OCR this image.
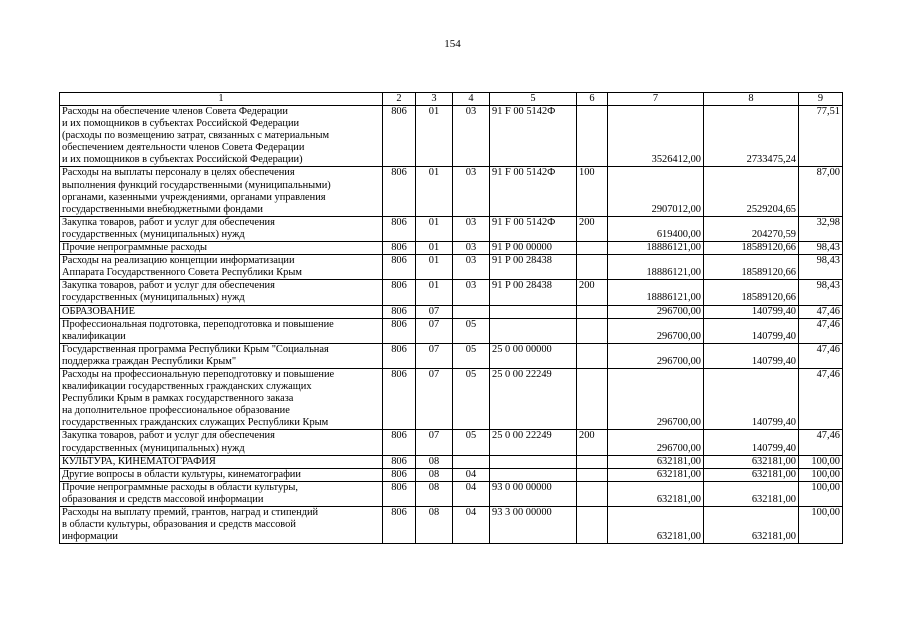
154
1	2	3	4	5	6	7	8	9

Расходы на обеспечение членов Совета Федерации
и их помощников в субъектах Российской Федерации
(расходы по возмещению затрат, связанных с материальным
обеспечением деятельности членов Совета Федерации
и их помощников в субъектах Российской Федерации)	806	01	03	91 F 00 5142Ф		3526412,00	2733475,24	77,51

Расходы на выплаты персоналу в целях обеспечения
выполнения функций государственными (муниципальными)
органами, казенными учреждениями, органами управления
государственными внебюджетными фондами	806	01	03	91 F 00 5142Ф	100	2907012,00	2529204,65	87,00

Закупка товаров, работ и услуг для обеспечения
государственных (муниципальных) нужд	806	01	03	91 F 00 5142Ф	200	619400,00	204270,59	32,98

Прочие непрограммные расходы	806	01	03	91 P 00 00000		18886121,00	18589120,66	98,43

Расходы на реализацию концепции информатизации
Аппарата Государственного Совета Республики Крым	806	01	03	91 P 00 28438		18886121,00	18589120,66	98,43

Закупка товаров, работ и услуг для обеспечения
государственных (муниципальных) нужд	806	01	03	91 P 00 28438	200	18886121,00	18589120,66	98,43

ОБРАЗОВАНИЕ	806	07				296700,00	140799,40	47,46

Профессиональная подготовка, переподготовка и повышение
квалификации	806	07	05			296700,00	140799,40	47,46

Государственная программа Республики Крым "Социальная
поддержка граждан Республики Крым"	806	07	05	25 0 00 00000		296700,00	140799,40	47,46

Расходы на профессиональную переподготовку и повышение
квалификации государственных гражданских служащих
Республики Крым в рамках государственного заказа
на дополнительное профессиональное образование
государственных гражданских служащих Республики Крым	806	07	05	25 0 00 22249		296700,00	140799,40	47,46

Закупка товаров, работ и услуг для обеспечения
государственных (муниципальных) нужд	806	07	05	25 0 00 22249	200	296700,00	140799,40	47,46

КУЛЬТУРА, КИНЕМАТОГРАФИЯ	806	08				632181,00	632181,00	100,00

Другие вопросы в области культуры, кинематографии	806	08	04			632181,00	632181,00	100,00

Прочие непрограммные расходы в области культуры,
образования и средств массовой информации	806	08	04	93 0 00 00000		632181,00	632181,00	100,00

Расходы на выплату премий, грантов, наград и стипендий
в области культуры, образования и средств массовой
информации	806	08	04	93 3 00 00000		632181,00	632181,00	100,00
